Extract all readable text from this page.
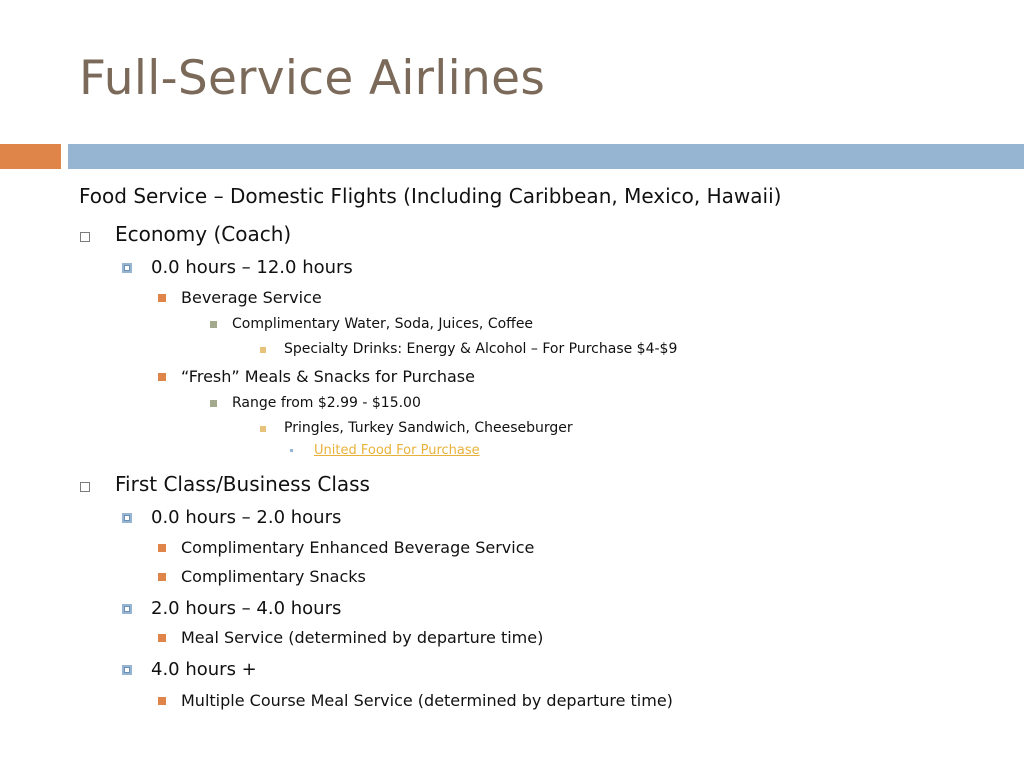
Full-Service Airlines
Food Service – Domestic Flights (Including Caribbean, Mexico, Hawaii)
Economy (Coach)
0.0 hours – 12.0 hours
Beverage Service
Complimentary Water, Soda, Juices, Coffee
Specialty Drinks: Energy & Alcohol – For Purchase $4-$9
“Fresh” Meals & Snacks for Purchase
Range from $2.99 - $15.00
Pringles, Turkey Sandwich, Cheeseburger
United Food For Purchase
First Class/Business Class
0.0 hours – 2.0 hours
Complimentary Enhanced Beverage Service
Complimentary Snacks
2.0 hours – 4.0 hours
Meal Service (determined by departure time)
4.0 hours +
Multiple Course Meal Service (determined by departure time)
